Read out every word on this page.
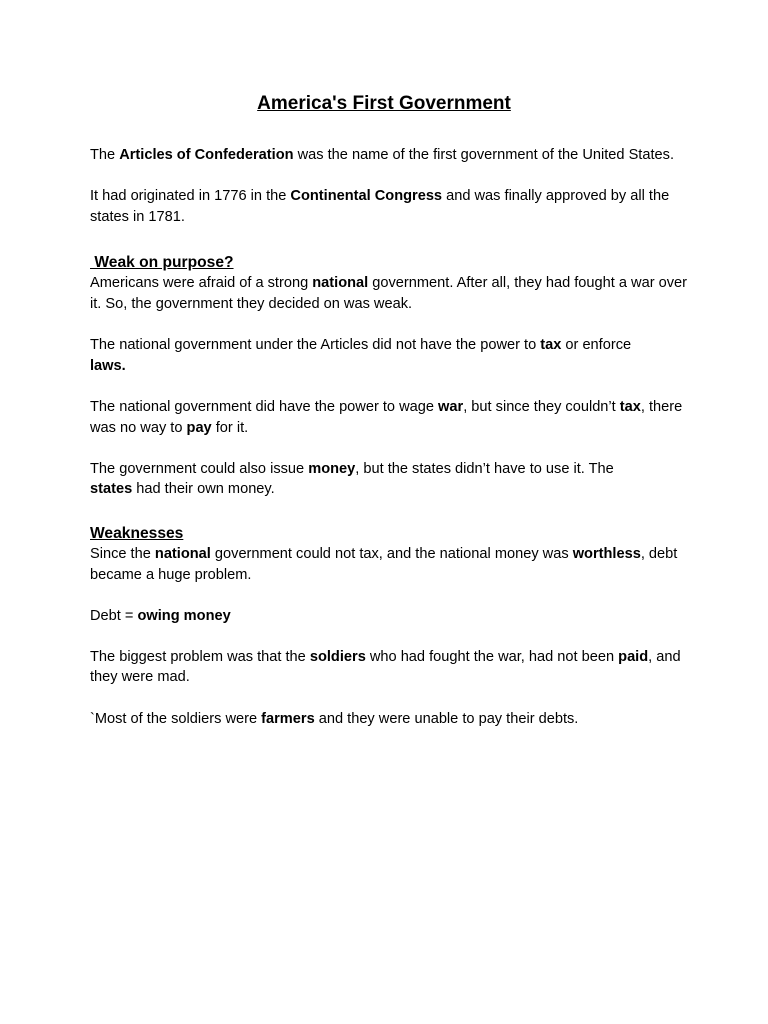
America's First Government

The Articles of Confederation was the name of the first government of the United States.

It had originated in 1776 in the Continental Congress and was finally approved by all the states in 1781.

Weak on purpose?

Americans were afraid of a strong national government. After all, they had fought a war over it. So, the government they decided on was weak.

The national government under the Articles did not have the power to tax or enforce
laws.

The national government did have the power to wage war, but since they couldn’t tax, there was no way to pay for it.

The government could also issue money, but the states didn’t have to use it. The
states had their own money.

Weaknesses

Since the national government could not tax, and the national money was worthless, debt became a huge problem.

Debt = owing money

The biggest problem was that the soldiers who had fought the war, had not been paid, and they were mad.

`Most of the soldiers were farmers and they were unable to pay their debts.
